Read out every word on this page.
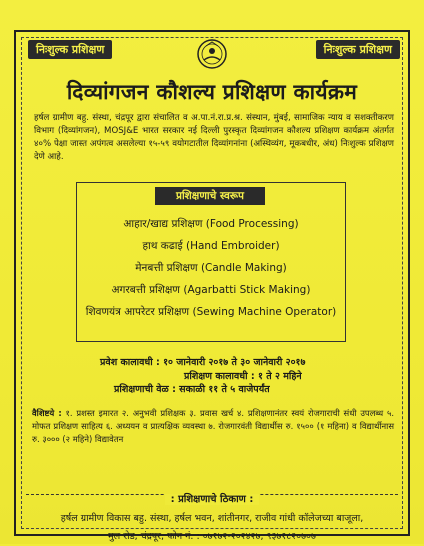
निःशुल्क प्रशिक्षण	निःशुल्क प्रशिक्षण
दिव्यांगजन कौशल्य प्रशिक्षण कार्यक्रम
हर्षल ग्रामीण बहु. संस्था, चंद्रपूर द्वारा संचालित व अ.पा.नं.रा.प्र.श्र. संस्थान, मुंबई, सामाजिक न्याय व सशक्तीकरण विभाग (दिव्यांगजन), MOSJ&E भारत सरकार नई दिल्ली पुरस्कृत दिव्यांगजन कौशल्य प्रशिक्षण कार्यक्रम अंतर्गत ४०% पेक्षा जास्त अपंगत्व असलेल्या १५-५९ वयोगटातील दिव्यांगनांना (अस्थिव्यंग, मूकबधीर, अंध) निःशुल्क प्रशिक्षण देणे आहे.
प्रशिक्षणाचे स्वरूप
आहार/खाद्य प्रशिक्षण (Food Processing)
हाथ कढाई (Hand Embroider)
मेनबत्ती प्रशिक्षण (Candle Making)
अगरबत्ती प्रशिक्षण (Agarbatti Stick Making)
शिवणयंत्र आपरेटर प्रशिक्षण (Sewing Machine Operator)
प्रवेश कालावधी : १० जानेवारी २०१७ ते ३० जानेवारी २०१७
प्रशिक्षण कालावधी : १ ते २ महिने
प्रशिक्षणाची वेळ : सकाळी ११ ते ५ वाजेपर्यंत
वैशिष्टये : १. प्रशस्त इमारत २. अनुभवी प्रशिक्षक ३. प्रवास खर्च ४. प्रशिक्षणानंतर स्वयं रोजगाराची संधी उपलब्ध ५. मोफत प्रशिक्षण साहित्य ६. अध्ययन व प्रात्यक्षिक व्यवस्था ७. रोजगारवंती विद्यार्थीस रु. १५०० (१ महिना) व विद्यार्थीनास रु. ३००० (२ महिने) विद्यावेतन
: प्रशिक्षणाचे ठिकाण :
हर्षल ग्रामीण विकास बहु. संस्था, हर्षल भवन, शांतीनगर, राजीव गांधी कॉलेजच्या बाजूला,
मुल रोड, चंद्रपूर, फोन नं. : ०७१७२-२०२४२७, ९३७१८२०७०७
